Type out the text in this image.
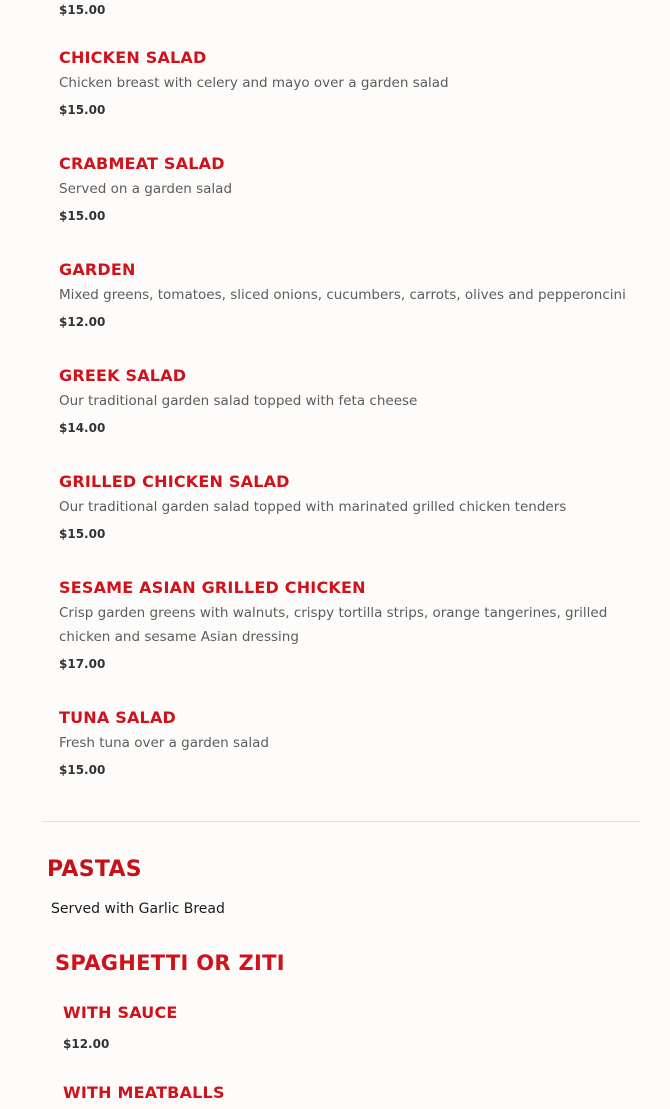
$15.00
CHICKEN SALAD
Chicken breast with celery and mayo over a garden salad
$15.00
CRABMEAT SALAD
Served on a garden salad
$15.00
GARDEN
Mixed greens, tomatoes, sliced onions, cucumbers, carrots, olives and pepperoncini
$12.00
GREEK SALAD
Our traditional garden salad topped with feta cheese
$14.00
GRILLED CHICKEN SALAD
Our traditional garden salad topped with marinated grilled chicken tenders
$15.00
SESAME ASIAN GRILLED CHICKEN
Crisp garden greens with walnuts, crispy tortilla strips, orange tangerines, grilled chicken and sesame Asian dressing
$17.00
TUNA SALAD
Fresh tuna over a garden salad
$15.00
PASTAS
Served with Garlic Bread
SPAGHETTI OR ZITI
WITH SAUCE
$12.00
WITH MEATBALLS
